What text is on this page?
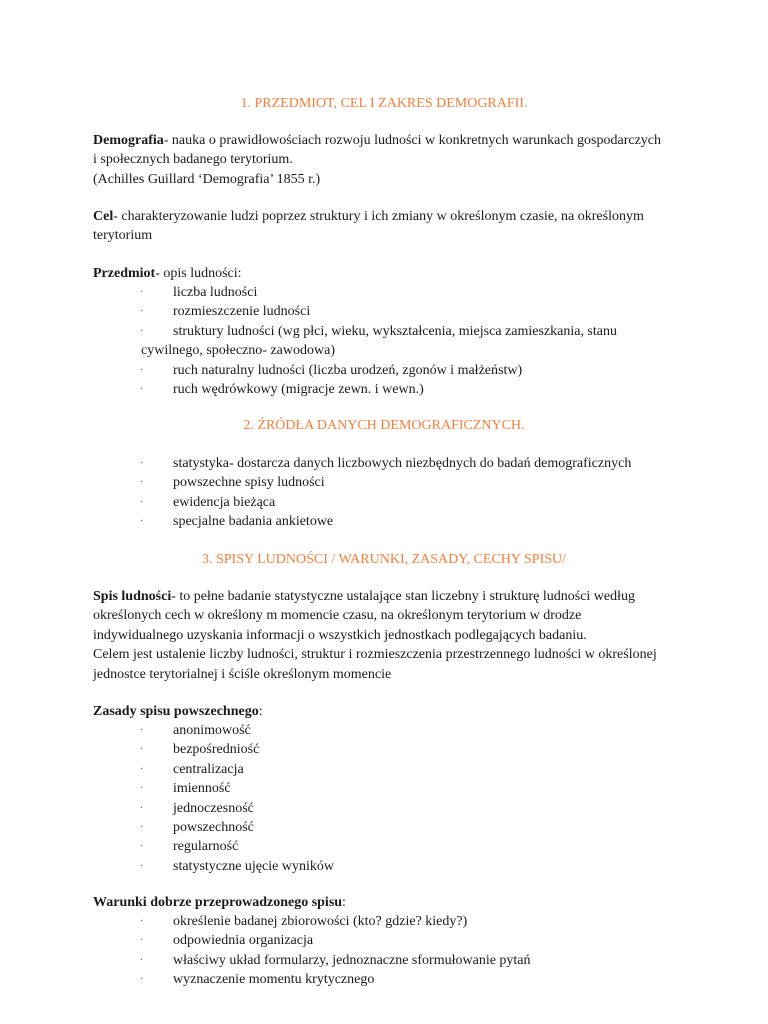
1. PRZEDMIOT, CEL I ZAKRES DEMOGRAFII.

Demografia- nauka o prawidłowościach rozwoju ludności w konkretnych warunkach gospodarczych
i społecznych badanego terytorium.
(Achilles Guillard ‘Demografia’ 1855 r.)

Cel- charakteryzowanie ludzi poprzez struktury i ich zmiany w określonym czasie, na określonym
terytorium

Przedmiot- opis ludności:

· liczba ludności
· rozmieszczenie ludności
· struktury ludności (wg płci, wieku, wykształcenia, miejsca zamieszkania, stanu
cywilnego, społeczno- zawodowa)
· ruch naturalny ludności (liczba urodzeń, zgonów i małżeństw)
· ruch wędrówkowy (migracje zewn. i wewn.)
2. ŹRÓDŁA DANYCH DEMOGRAFICZNYCH.
· statystyka- dostarcza danych liczbowych niezbędnych do badań demograficznych
· powszechne spisy ludności
· ewidencja bieżąca
· specjalne badania ankietowe
3. SPISY LUDNOŚCI / WARUNKI, ZASADY, CECHY SPISU/

Spis ludności- to pełne badanie statystyczne ustalające stan liczebny i strukturę ludności według
określonych cech w określony m momencie czasu, na określonym terytorium w drodze
indywidualnego uzyskania informacji o wszystkich jednostkach podlegających badaniu.
Celem jest ustalenie liczby ludności, struktur i rozmieszczenia przestrzennego ludności w określonej
jednostce terytorialnej i ściśle określonym momencie

Zasady spisu powszechnego:

· anonimowość
· bezpośredniość
· centralizacja
· imienność
· jednoczesność
· powszechność
· regularność
· statystyczne ujęcie wyników

Warunki dobrze przeprowadzonego spisu:

· określenie badanej zbiorowości (kto? gdzie? kiedy?)
· odpowiednia organizacja
· właściwy układ formularzy, jednoznaczne sformułowanie pytań
· wyznaczenie momentu krytycznego
